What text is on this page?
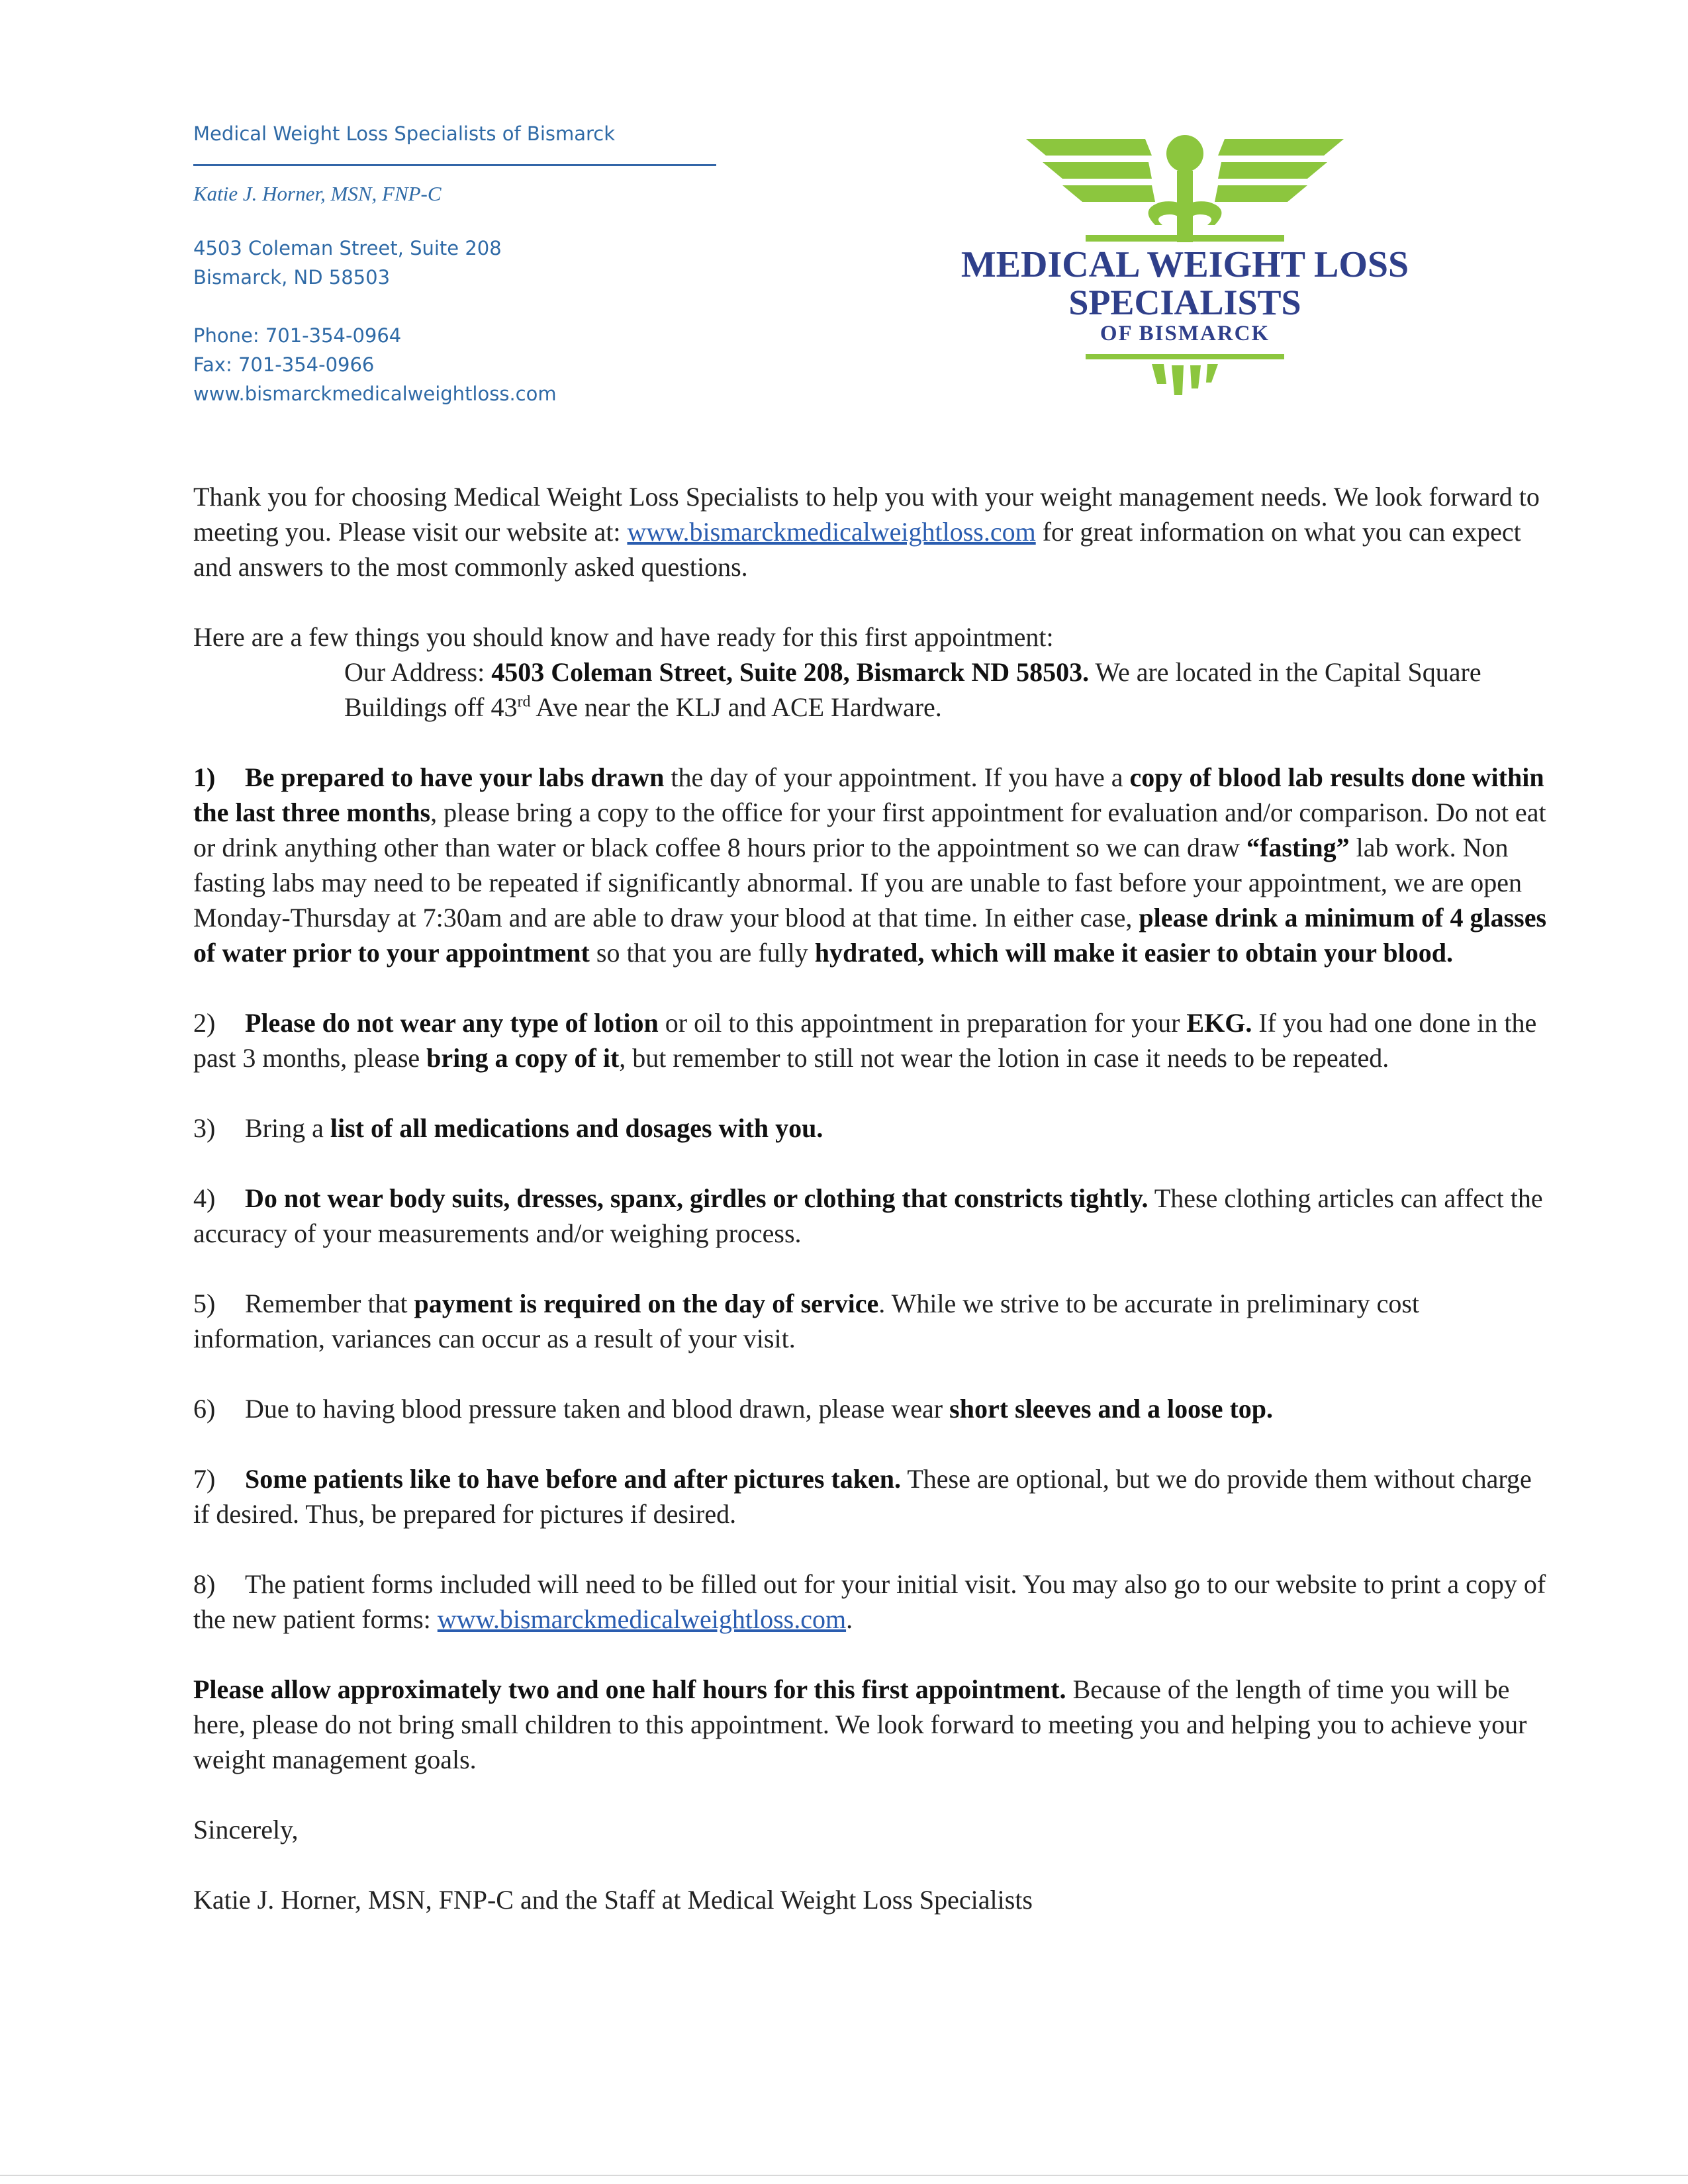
Medical Weight Loss Specialists of Bismarck
Katie J. Horner, MSN, FNP-C
4503 Coleman Street, Suite 208
Bismarck, ND 58503
Phone: 701-354-0964
Fax: 701-354-0966
www.bismarckmedicalweightloss.com
MEDICAL WEIGHT LOSS
SPECIALISTS
OF BISMARCK

Thank you for choosing Medical Weight Loss Specialists to help you with your weight management needs. We look forward to meeting you. Please visit our website at: www.bismarckmedicalweightloss.com for great information on what you can expect and answers to the most commonly asked questions.

Here are a few things you should know and have ready for this first appointment:

Our Address: 4503 Coleman Street, Suite 208, Bismarck ND 58503. We are located in the Capital Square Buildings off 43rd Ave near the KLJ and ACE Hardware.

1) Be prepared to have your labs drawn the day of your appointment. If you have a copy of blood lab results done within the last three months, please bring a copy to the office for your first appointment for evaluation and/or comparison. Do not eat or drink anything other than water or black coffee 8 hours prior to the appointment so we can draw “fasting” lab work. Non fasting labs may need to be repeated if significantly abnormal. If you are unable to fast before your appointment, we are open Monday-Thursday at 7:30am and are able to draw your blood at that time. In either case, please drink a minimum of 4 glasses of water prior to your appointment so that you are fully hydrated, which will make it easier to obtain your blood.

2) Please do not wear any type of lotion or oil to this appointment in preparation for your EKG. If you had one done in the past 3 months, please bring a copy of it, but remember to still not wear the lotion in case it needs to be repeated.

3) Bring a list of all medications and dosages with you.

4) Do not wear body suits, dresses, spanx, girdles or clothing that constricts tightly. These clothing articles can affect the accuracy of your measurements and/or weighing process.

5) Remember that payment is required on the day of service. While we strive to be accurate in preliminary cost information, variances can occur as a result of your visit.

6) Due to having blood pressure taken and blood drawn, please wear short sleeves and a loose top.

7) Some patients like to have before and after pictures taken. These are optional, but we do provide them without charge if desired. Thus, be prepared for pictures if desired.

8) The patient forms included will need to be filled out for your initial visit. You may also go to our website to print a copy of the new patient forms: www.bismarckmedicalweightloss.com.

Please allow approximately two and one half hours for this first appointment. Because of the length of time you will be here, please do not bring small children to this appointment. We look forward to meeting you and helping you to achieve your weight management goals.

Sincerely,

Katie J. Horner, MSN, FNP-C and the Staff at Medical Weight Loss Specialists
